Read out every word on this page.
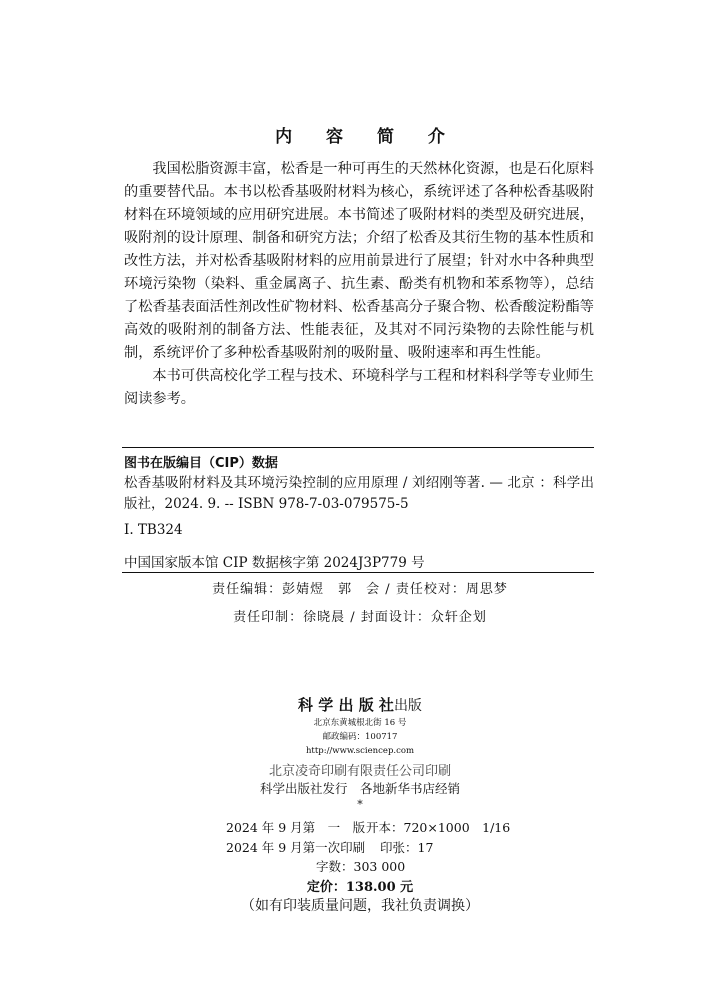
内 容 简 介

我国松脂资源丰富，松香是一种可再生的天然林化资源，也是石化原料的重要替代品。本书以松香基吸附材料为核心，系统评述了各种松香基吸附材料在环境领域的应用研究进展。本书简述了吸附材料的类型及研究进展，吸附剂的设计原理、制备和研究方法；介绍了松香及其衍生物的基本性质和改性方法，并对松香基吸附材料的应用前景进行了展望；针对水中各种典型环境污染物（染料、重金属离子、抗生素、酚类有机物和苯系物等），总结了松香基表面活性剂改性矿物材料、松香基高分子聚合物、松香酸淀粉酯等高效的吸附剂的制备方法、性能表征，及其对不同污染物的去除性能与机制，系统评价了多种松香基吸附剂的吸附量、吸附速率和再生性能。

本书可供高校化学工程与技术、环境科学与工程和材料科学等专业师生阅读参考。

图书在版编目（CIP）数据
松香基吸附材料及其环境污染控制的应用原理 / 刘绍刚等著. — 北京 ：科学出版社，2024. 9. -- ISBN 978-7-03-079575-5
Ⅰ. TB324
中国国家版本馆 CIP 数据核字第 2024J3P779 号
责任编辑：彭婧煜　郭　会 / 责任校对：周思梦
责任印制：徐晓晨 / 封面设计：众轩企划
科 学 出 版 社出版
北京东黄城根北街 16 号
邮政编码：100717
http://www.sciencep.com
北京凌奇印刷有限责任公司印刷
科学出版社发行　各地新华书店经销
*
2024 年 9 月第　一　版 开本：720×1000　1/16
2024 年 9 月第一次印刷 印张：17
字数：303 000
定价：138.00 元
（如有印装质量问题，我社负责调换）
